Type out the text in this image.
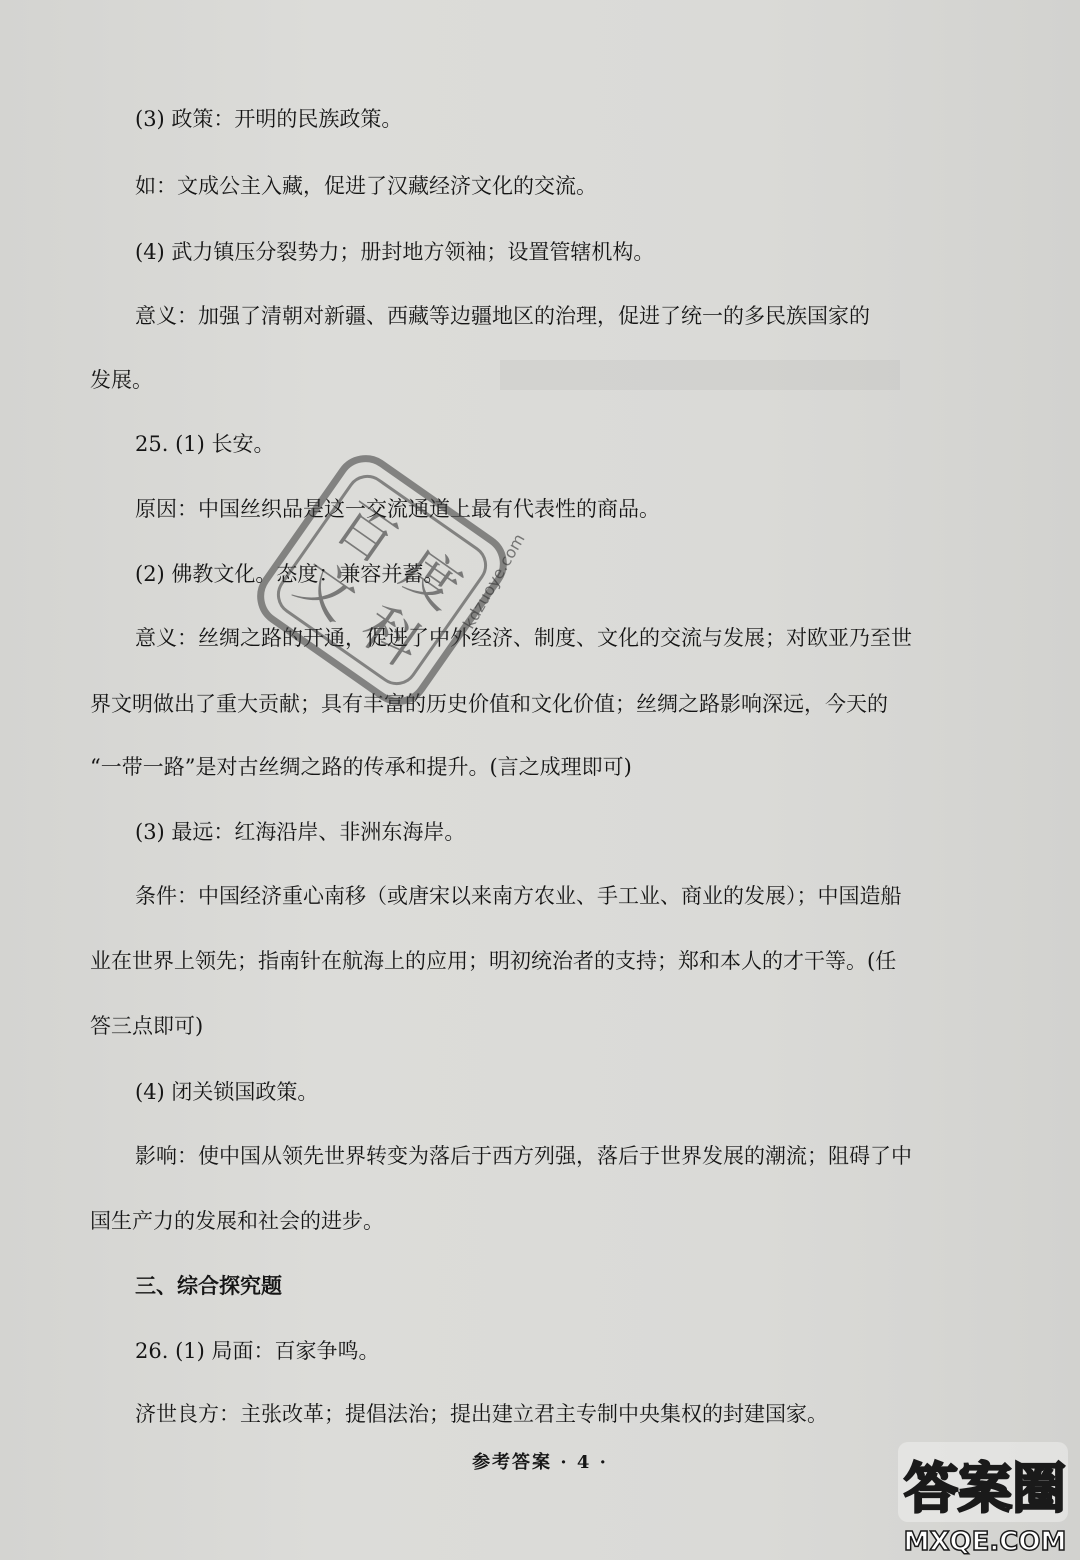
(3) 政策：开明的民族政策。
如：文成公主入藏，促进了汉藏经济文化的交流。
(4) 武力镇压分裂势力；册封地方领袖；设置管辖机构。
意义：加强了清朝对新疆、西藏等边疆地区的治理，促进了统一的多民族国家的
发展。
25. (1) 长安。
原因：中国丝织品是这一交流通道上最有代表性的商品。
(2) 佛教文化。态度：兼容并蓄。
意义：丝绸之路的开通，促进了中外经济、制度、文化的交流与发展；对欧亚乃至世
界文明做出了重大贡献；具有丰富的历史价值和文化价值；丝绸之路影响深远，今天的
“一带一路”是对古丝绸之路的传承和提升。(言之成理即可)
(3) 最远：红海沿岸、非洲东海岸。
条件：中国经济重心南移（或唐宋以来南方农业、手工业、商业的发展）；中国造船
业在世界上领先；指南针在航海上的应用；明初统治者的支持；郑和本人的才干等。(任
答三点即可)
(4) 闭关锁国政策。
影响：使中国从领先世界转变为落后于西方列强，落后于世界发展的潮流；阻碍了中
国生产力的发展和社会的进步。
三、综合探究题
26. (1) 局面：百家争鸣。
济世良方：主张改革；提倡法治；提出建立君主专制中央集权的封建国家。
参考答案 · 4 ·
百
度
文
科
kdzuoye.com
答案圈
MXQE.COM
